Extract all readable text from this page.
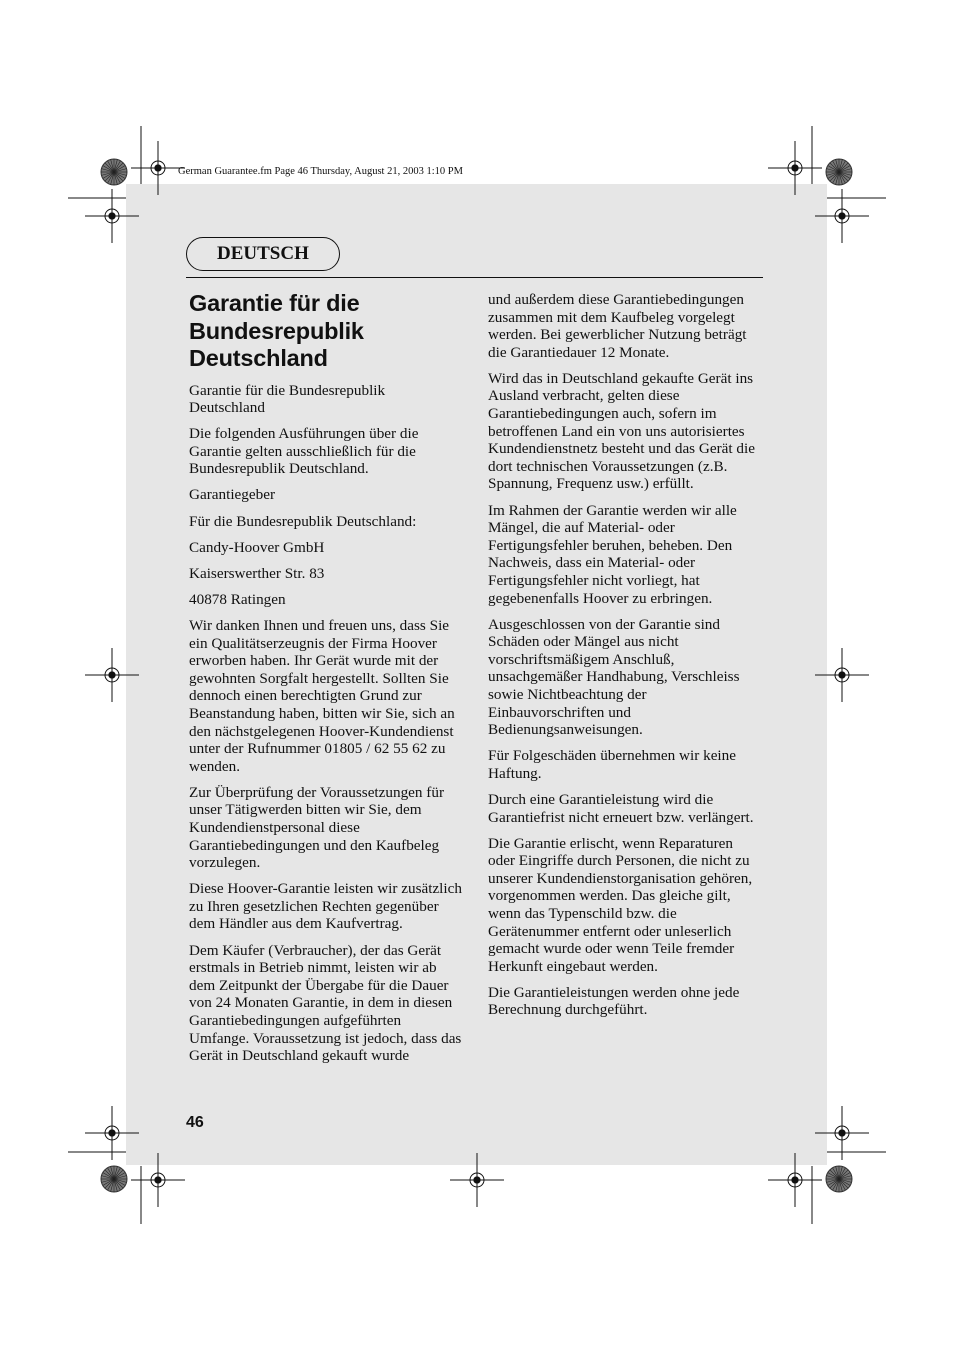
German Guarantee.fm Page 46 Thursday, August 21, 2003 1:10 PM
DEUTSCH
Garantie für die Bundesrepublik Deutschland

Garantie für die Bundesrepublik Deutschland

Die folgenden Ausführungen über die Garantie gelten ausschließlich für die Bundesrepublik Deutschland.

Garantiegeber

Für die Bundesrepublik Deutschland:

Candy-Hoover GmbH

Kaiserswerther Str. 83

40878 Ratingen

Wir danken Ihnen und freuen uns, dass Sie ein Qualitätserzeugnis der Firma Hoover erworben haben. Ihr Gerät wurde mit der gewohnten Sorgfalt hergestellt. Sollten Sie dennoch einen berechtigten Grund zur Beanstandung haben, bitten wir Sie, sich an den nächstgelegenen Hoover-Kundendienst unter der Rufnummer 01805 / 62 55 62 zu wenden.

Zur Überprüfung der Voraussetzungen für unser Tätigwerden bitten wir Sie, dem Kundendienstpersonal diese Garantiebedingungen und den Kaufbeleg vorzulegen.

Diese Hoover-Garantie leisten wir zusätzlich zu Ihren gesetzlichen Rechten gegenüber dem Händler aus dem Kaufvertrag.

Dem Käufer (Verbraucher), der das Gerät erstmals in Betrieb nimmt, leisten wir ab dem Zeitpunkt der Übergabe für die Dauer von 24 Monaten Garantie, in dem in diesen Garantiebedingungen aufgeführten Umfange. Voraussetzung ist jedoch, dass das Gerät in Deutschland gekauft wurde

und außerdem diese Garantiebedingungen zusammen mit dem Kaufbeleg vorgelegt werden. Bei gewerblicher Nutzung beträgt die Garantiedauer 12 Monate.

Wird das in Deutschland gekaufte Gerät ins Ausland verbracht, gelten diese Garantiebedingungen auch, sofern im betroffenen Land ein von uns autorisiertes Kundendienstnetz besteht und das Gerät die dort technischen Voraussetzungen (z.B. Spannung, Frequenz usw.) erfüllt.

Im Rahmen der Garantie werden wir alle Mängel, die auf Material- oder Fertigungsfehler beruhen, beheben. Den Nachweis, dass ein Material- oder Fertigungsfehler nicht vorliegt, hat gegebenenfalls Hoover zu erbringen.

Ausgeschlossen von der Garantie sind Schäden oder Mängel aus nicht vorschriftsmäßigem Anschluß, unsachgemäßer Handhabung, Verschleiss sowie Nichtbeachtung der Einbauvorschriften und Bedienungsanweisungen.

Für Folgeschäden übernehmen wir keine Haftung.

Durch eine Garantieleistung wird die Garantiefrist nicht erneuert bzw. verlängert.

Die Garantie erlischt, wenn Reparaturen oder Eingriffe durch Personen, die nicht zu unserer Kundendienstorganisation gehören, vorgenommen werden. Das gleiche gilt, wenn das Typenschild bzw. die Gerätenummer entfernt oder unleserlich gemacht wurde oder wenn Teile fremder Herkunft eingebaut werden.

Die Garantieleistungen werden ohne jede Berechnung durchgeführt.

46
